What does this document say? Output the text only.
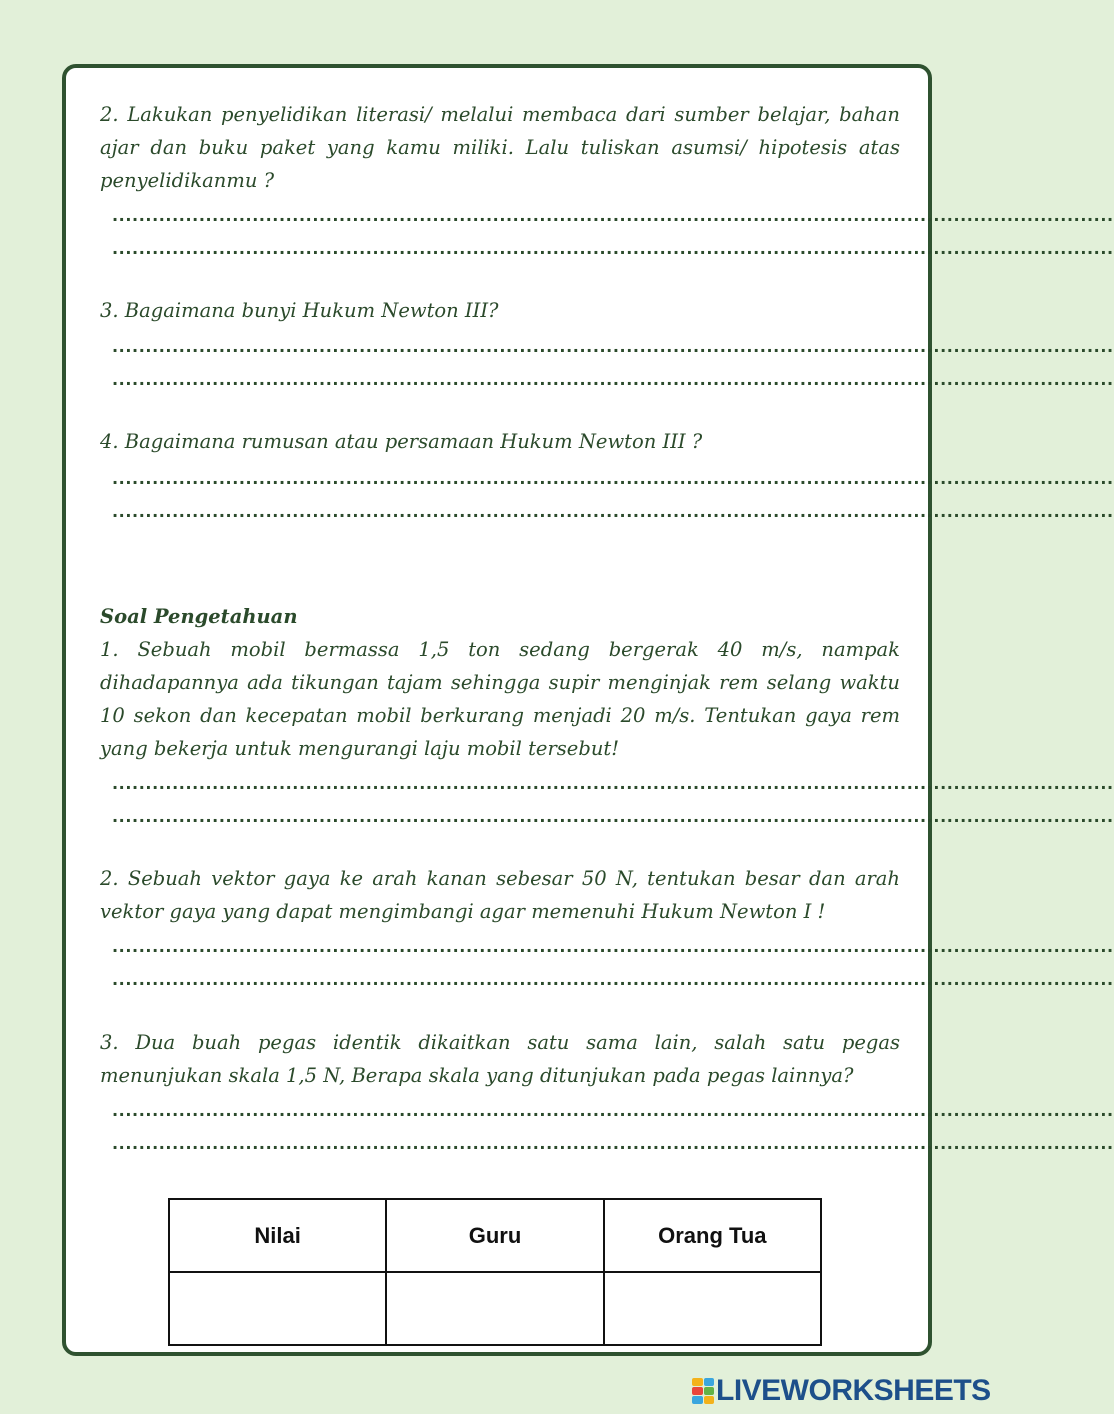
2. Lakukan penyelidikan literasi/ melalui membaca dari sumber belajar, bahan ajar dan buku paket yang kamu miliki. Lalu tuliskan asumsi/ hipotesis atas penyelidikanmu ?
......................................................................................................................................................
......................................................................................................................................................
3. Bagaimana bunyi Hukum Newton III?
......................................................................................................................................................
......................................................................................................................................................
4. Bagaimana rumusan atau persamaan Hukum Newton III ?
......................................................................................................................................................
......................................................................................................................................................
Soal Pengetahuan
1. Sebuah mobil bermassa 1,5 ton sedang bergerak 40 m/s, nampak dihadapannya ada tikungan tajam sehingga supir menginjak rem selang waktu 10 sekon dan kecepatan mobil berkurang menjadi 20 m/s. Tentukan gaya rem yang bekerja untuk mengurangi laju mobil tersebut!
......................................................................................................................................................
......................................................................................................................................................
2. Sebuah vektor gaya ke arah kanan sebesar 50 N, tentukan besar dan arah vektor gaya yang dapat mengimbangi agar memenuhi Hukum Newton I !
......................................................................................................................................................
......................................................................................................................................................
3. Dua buah pegas identik dikaitkan satu sama lain, salah satu pegas menunjukan skala 1,5 N, Berapa skala yang ditunjukan pada pegas lainnya?
......................................................................................................................................................
......................................................................................................................................................
Nilai	Guru	Orang Tua

LIVEWORKSHEETS
